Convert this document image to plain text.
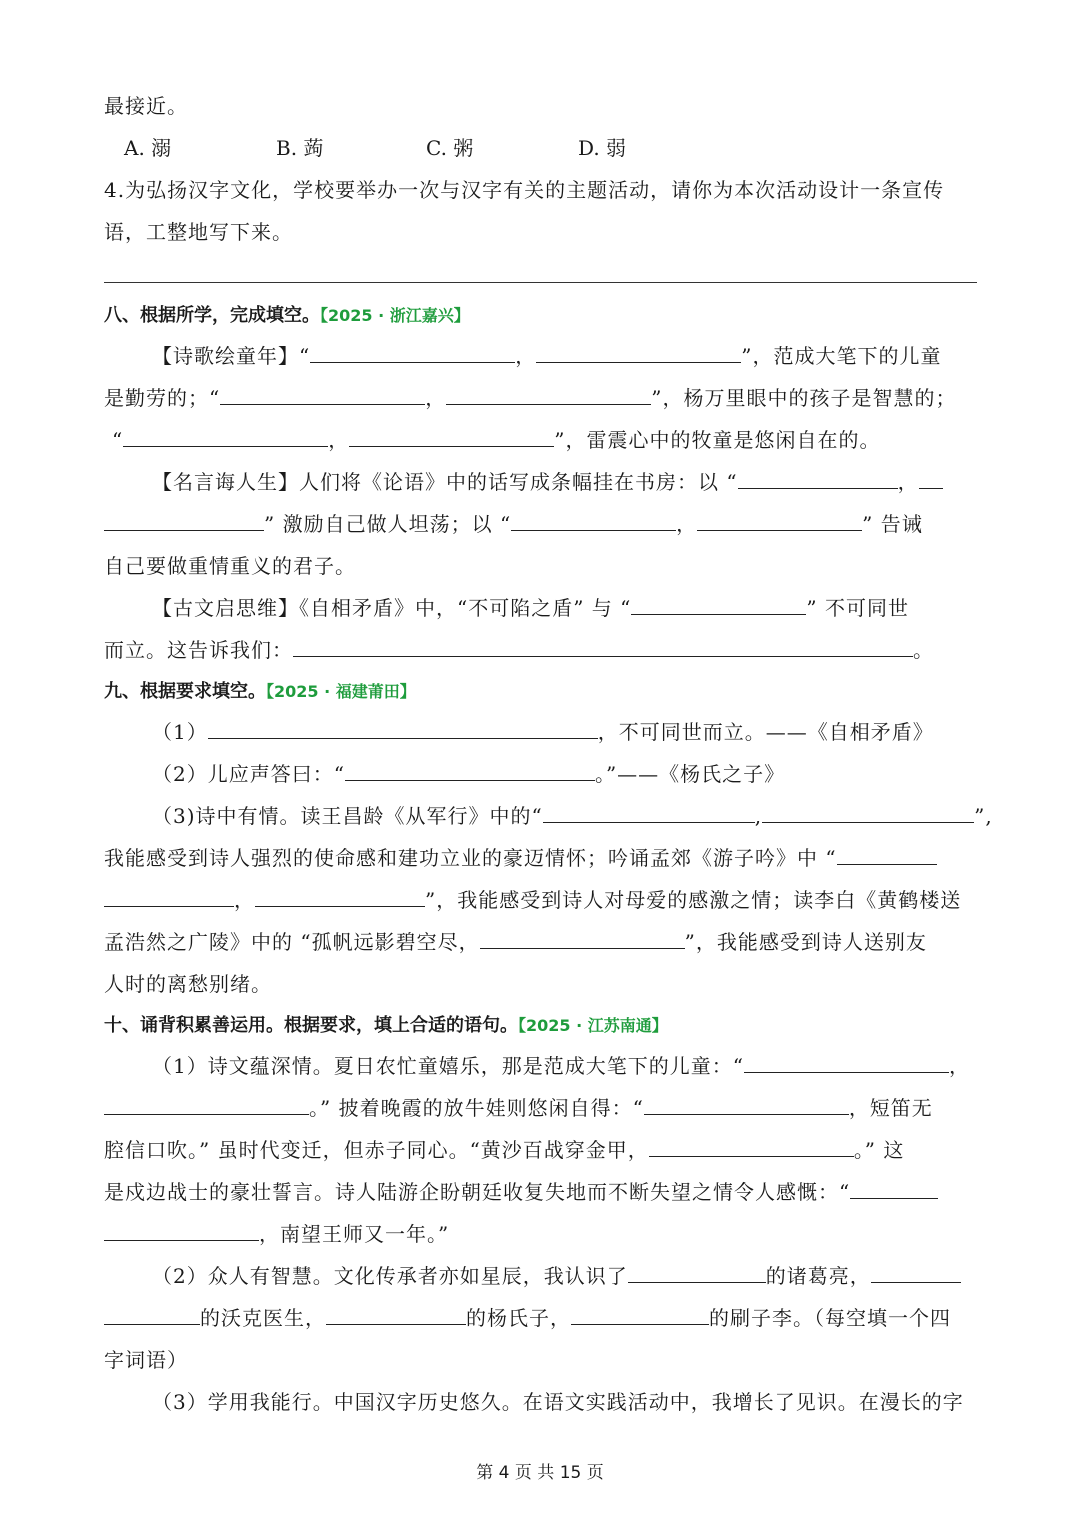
最接近。
A. 溺	B. 蒟	C. 粥	D. 弱
4.为弘扬汉字文化，学校要举办一次与汉字有关的主题活动，请你为本次活动设计一条宣传
语，工整地写下来。
八、根据所学，完成填空。【2025 · 浙江嘉兴】
【诗歌绘童年】“	，	”，范成大笔下的儿童
是勤劳的；“	，	”，杨万里眼中的孩子是智慧的；
“	，	”，雷震心中的牧童是悠闲自在的。
【名言诲人生】人们将《论语》中的话写成条幅挂在书房：以 “	，
” 激励自己做人坦荡；以 “	，	” 告诫
自己要做重情重义的君子。
【古文启思维】《自相矛盾》中，“不可陷之盾” 与 “	” 不可同世
而立。这告诉我们：	。
九、根据要求填空。【2025 · 福建莆田】
（1）	，不可同世而立。——《自相矛盾》
（2）儿应声答曰：“	。”——《杨氏之子》
（3)诗中有情。读王昌龄《从军行》中的“	,	”,
我能感受到诗人强烈的使命感和建功立业的豪迈情怀；吟诵孟郊《游子吟》中 “
，	”，我能感受到诗人对母爱的感激之情；读李白《黄鹤楼送
孟浩然之广陵》中的 “孤帆远影碧空尽，	”，我能感受到诗人送别友
人时的离愁别绪。
十、诵背积累善运用。根据要求，填上合适的语句。【2025 · 江苏南通】
（1）诗文蕴深情。夏日农忙童嬉乐，那是范成大笔下的儿童：“	，
。” 披着晚霞的放牛娃则悠闲自得：“	，短笛无
腔信口吹。” 虽时代变迁，但赤子同心。“黄沙百战穿金甲，	。” 这
是戍边战士的豪壮誓言。诗人陆游企盼朝廷收复失地而不断失望之情令人感慨：“
，南望王师又一年。”
（2）众人有智慧。文化传承者亦如星辰，我认识了	的诸葛亮，
的沃克医生，	的杨氏子，	的刷子李。（每空填一个四
字词语）
（3）学用我能行。中国汉字历史悠久。在语文实践活动中，我增长了见识。在漫长的字
第 4 页 共 15 页
